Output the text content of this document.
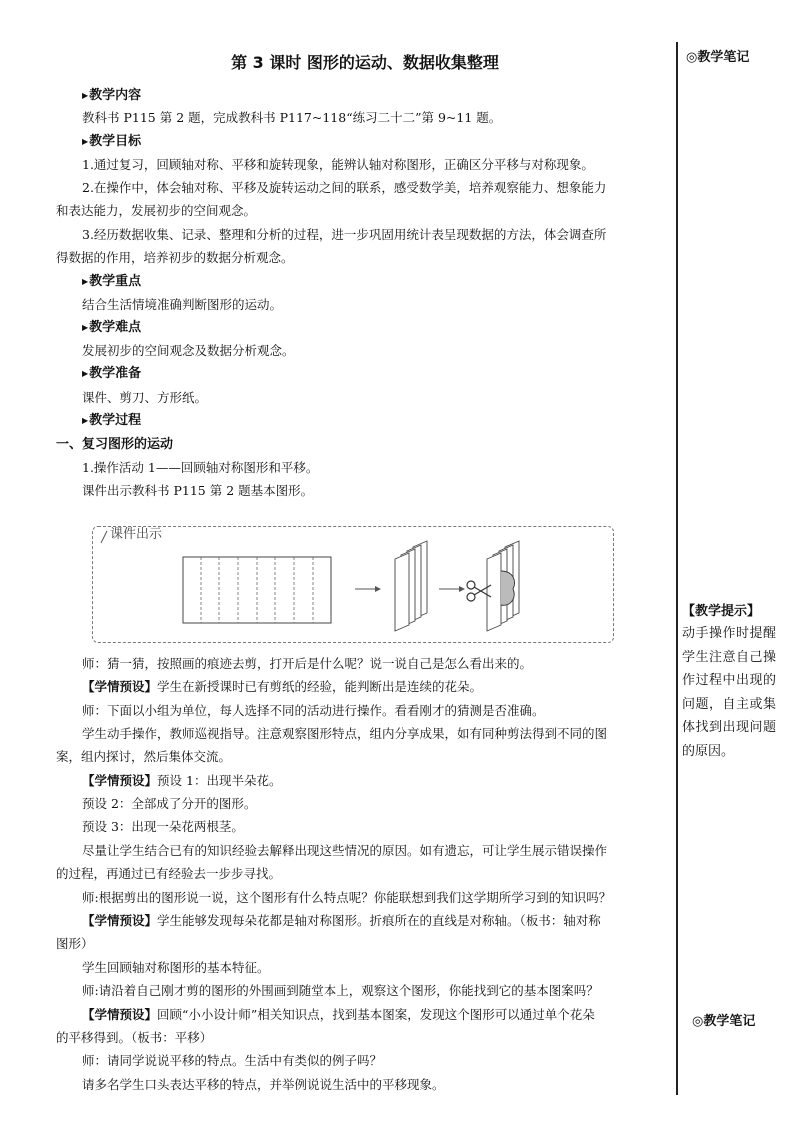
第 3 课时 图形的运动、数据收集整理
▶教学内容
教科书 P115 第 2 题，完成教科书 P117~118“练习二十二”第 9~11 题。
▶教学目标
1.通过复习，回顾轴对称、平移和旋转现象，能辨认轴对称图形，正确区分平移与对称现象。
2.在操作中，体会轴对称、平移及旋转运动之间的联系，感受数学美，培养观察能力、想象能力
和表达能力，发展初步的空间观念。
3.经历数据收集、记录、整理和分析的过程，进一步巩固用统计表呈现数据的方法，体会调查所
得数据的作用，培养初步的数据分析观念。
▶教学重点
结合生活情境准确判断图形的运动。
▶教学难点
发展初步的空间观念及数据分析观念。
▶教学准备
课件、剪刀、方形纸。
▶教学过程
一、复习图形的运动
1.操作活动 1——回顾轴对称图形和平移。
课件出示教科书 P115 第 2 题基本图形。
课件出示
师：猜一猜，按照画的痕迹去剪，打开后是什么呢？说一说自己是怎么看出来的。
【学情预设】学生在新授课时已有剪纸的经验，能判断出是连续的花朵。
师：下面以小组为单位，每人选择不同的活动进行操作。看看刚才的猜测是否准确。
学生动手操作，教师巡视指导。注意观察图形特点，组内分享成果，如有同种剪法得到不同的图
案，组内探讨，然后集体交流。
【学情预设】预设 1：出现半朵花。
预设 2：全部成了分开的图形。
预设 3：出现一朵花两根茎。
尽量让学生结合已有的知识经验去解释出现这些情况的原因。如有遗忘，可让学生展示错误操作
的过程，再通过已有经验去一步步寻找。
师:根据剪出的图形说一说，这个图形有什么特点呢？你能联想到我们这学期所学习到的知识吗？
【学情预设】学生能够发现每朵花都是轴对称图形。折痕所在的直线是对称轴。（板书：轴对称
图形）
学生回顾轴对称图形的基本特征。
师:请沿着自己刚才剪的图形的外围画到随堂本上，观察这个图形，你能找到它的基本图案吗？
【学情预设】回顾“小小设计师”相关知识点，找到基本图案，发现这个图形可以通过单个花朵
的平移得到。（板书：平移）
师：请同学说说平移的特点。生活中有类似的例子吗？
请多名学生口头表达平移的特点，并举例说说生活中的平移现象。
◎教学笔记
【教学提示】
动手操作时提醒学生注意自己操作过程中出现的问题，自主或集体找到出现问题的原因。
◎教学笔记
